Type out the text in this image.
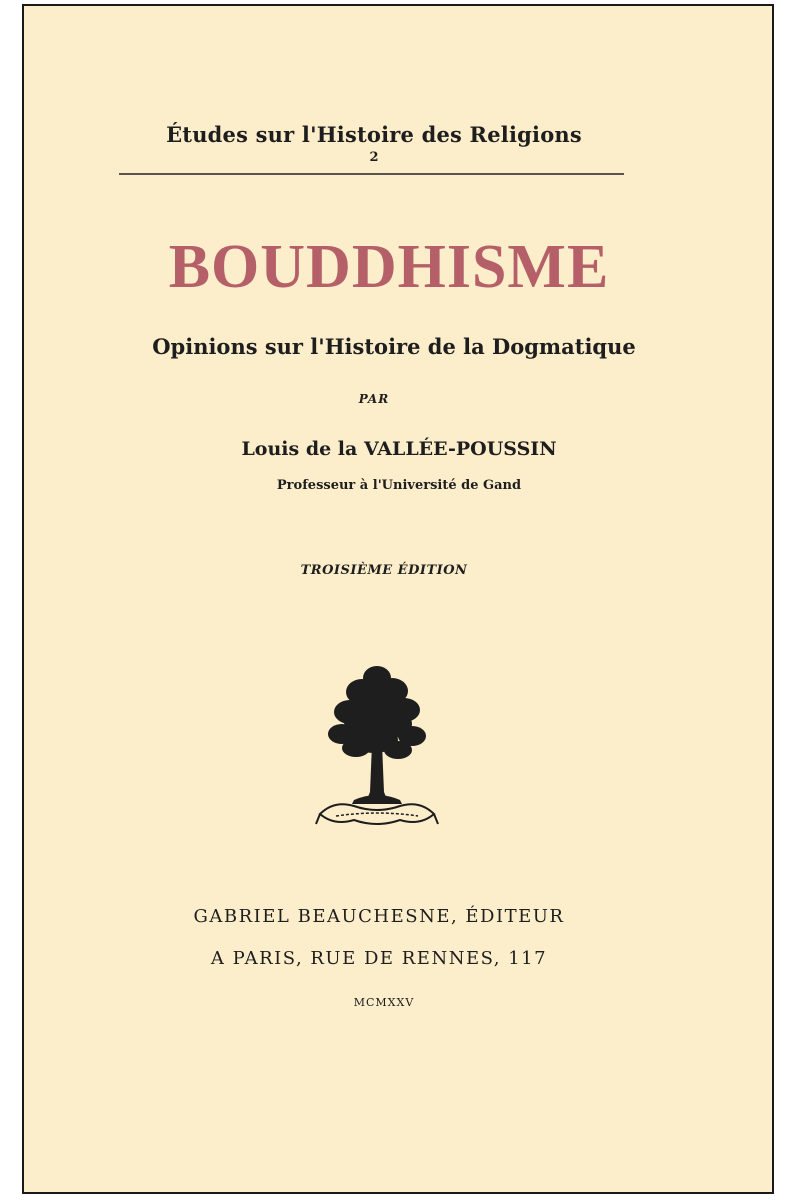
Études sur l'Histoire des Religions
2
BOUDDHISME
Opinions sur l'Histoire de la Dogmatique
PAR
Louis de la VALLÉE-POUSSIN
Professeur à l'Université de Gand
TROISIÈME ÉDITION
GABRIEL BEAUCHESNE, ÉDITEUR
A PARIS, RUE DE RENNES, 117
MCMXXV
